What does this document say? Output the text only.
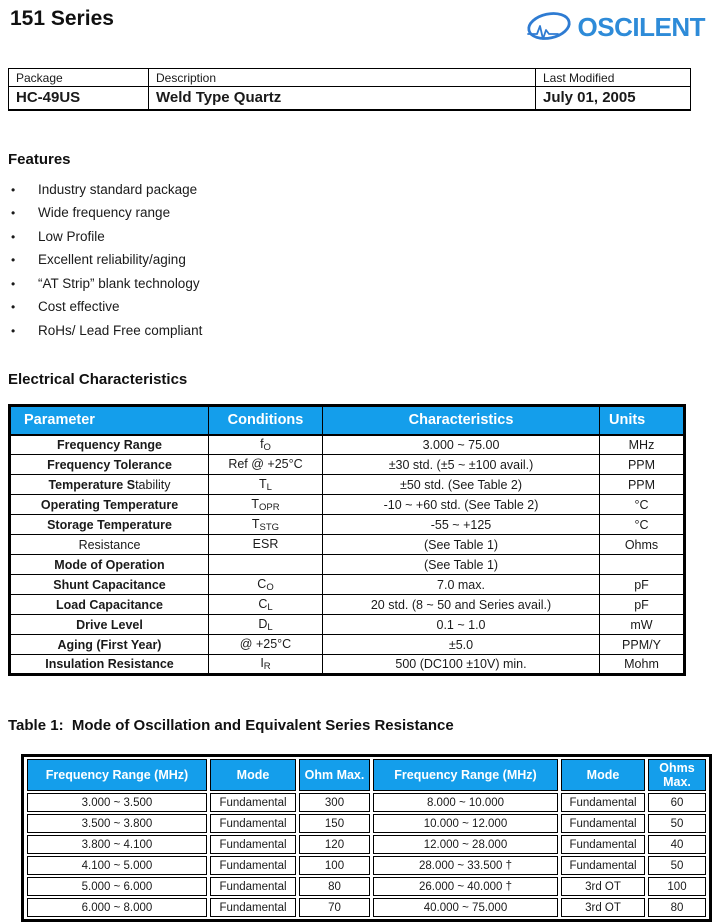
151 Series	OSCILENT
Package	Description	Last Modified
HC-49US	Weld Type Quartz	July 01, 2005
Features
•	Industry standard package
•	Wide frequency range
•	Low Profile
•	Excellent reliability/aging
•	“AT Strip” blank technology
•	Cost effective
•	RoHs/ Lead Free compliant
Electrical Characteristics
Parameter	Conditions	Characteristics	Units
Frequency Range	$f_O$	3.000 ~ 75.00	MHz
Frequency Tolerance	Ref @ +25°C	±30 std. (±5 ~ ±100 avail.)	PPM
Temperature Stability	$T_L$	±50 std. (See Table 2)	PPM
Operating Temperature	$T_{OPR}$	-10 ~ +60 std. (See Table 2)	°C
Storage Temperature	$T_{STG}$	-55 ~ +125	°C
Resistance	ESR	(See Table 1)	Ohms
Mode of Operation		(See Table 1)	
Shunt Capacitance	$C_O$	7.0 max.	pF
Load Capacitance	$C_L$	20 std. (8 ~ 50 and Series avail.)	pF
Drive Level	$D_L$	0.1 ~ 1.0	mW
Aging (First Year)	@ +25°C	±5.0	PPM/Y
Insulation Resistance	$I_R$	500 (DC100 ±10V) min.	Mohm
Table 1:  Mode of Oscillation and Equivalent Series Resistance
Frequency Range (MHz)	Mode	Ohm Max.	Frequency Range (MHz)	Mode	Ohms Max.
3.000 ~ 3.500	Fundamental	300	8.000 ~ 10.000	Fundamental	60
3.500 ~ 3.800	Fundamental	150	10.000 ~ 12.000	Fundamental	50
3.800 ~ 4.100	Fundamental	120	12.000 ~ 28.000	Fundamental	40
4.100 ~ 5.000	Fundamental	100	28.000 ~ 33.500 †	Fundamental	50
5.000 ~ 6.000	Fundamental	80	26.000 ~ 40.000 †	3rd OT	100
6.000 ~ 8.000	Fundamental	70	40.000 ~ 75.000	3rd OT	80
